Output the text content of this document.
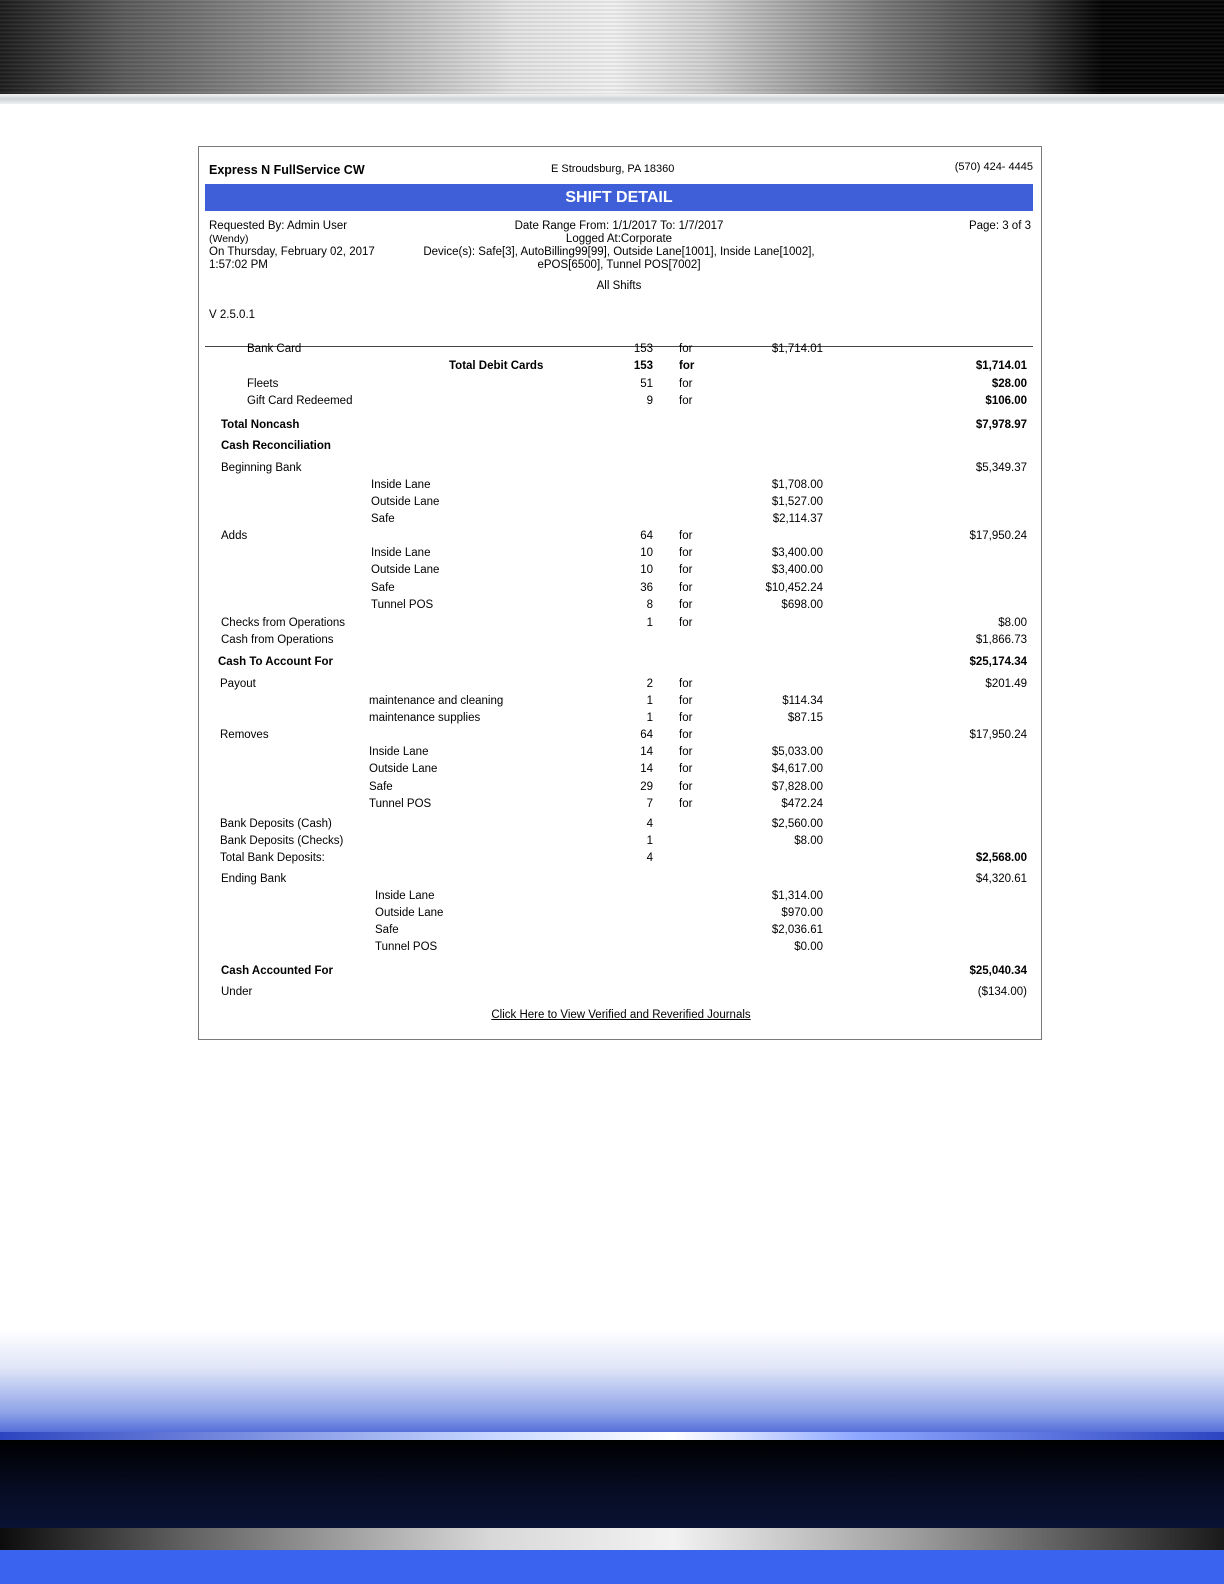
Express N FullService CW	E Stroudsburg, PA 18360	(570) 424- 4445
SHIFT DETAIL
Requested By: Admin User
(Wendy)
On Thursday, February 02, 2017
1:57:02 PM
Date Range From: 1/1/2017 To: 1/7/2017
Logged At:Corporate
Device(s): Safe[3], AutoBilling99[99], Outside Lane[1001], Inside Lane[1002],
ePOS[6500], Tunnel POS[7002]
All Shifts
Page: 3 of 3
V 2.5.0.1
Bank Card	153 for	$1,714.01
Total Debit Cards	153 for	$1,714.01
Fleets	51 for	$28.00
Gift Card Redeemed	9 for	$106.00
Total Noncash	$7,978.97
Cash Reconciliation
Beginning Bank	$5,349.37
Inside Lane	$1,708.00
Outside Lane	$1,527.00
Safe	$2,114.37
Adds	64 for	$17,950.24
Inside Lane	10 for	$3,400.00
Outside Lane	10 for	$3,400.00
Safe	36 for	$10,452.24
Tunnel POS	8 for	$698.00
Checks from Operations	1 for	$8.00
Cash from Operations	$1,866.73
Cash To Account For	$25,174.34
Payout	2 for	$201.49
maintenance and cleaning	1 for	$114.34
maintenance supplies	1 for	$87.15
Removes	64 for	$17,950.24
Inside Lane	14 for	$5,033.00
Outside Lane	14 for	$4,617.00
Safe	29 for	$7,828.00
Tunnel POS	7 for	$472.24
Bank Deposits (Cash)	4	$2,560.00
Bank Deposits (Checks)	1	$8.00
Total Bank Deposits:	4	$2,568.00
Ending Bank	$4,320.61
Inside Lane	$1,314.00
Outside Lane	$970.00
Safe	$2,036.61
Tunnel POS	$0.00
Cash Accounted For	$25,040.34
Under	($134.00)
Click Here to View Verified and Reverified Journals
